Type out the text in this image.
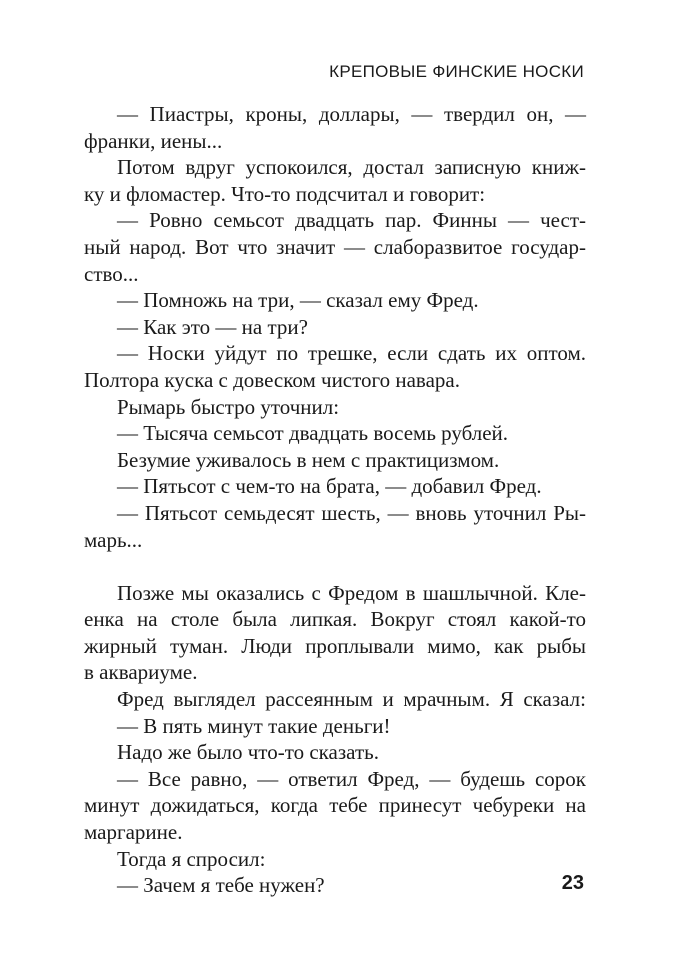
КРЕПОВЫЕ ФИНСКИЕ НОСКИ
— Пиастры, кроны, доллары, — твердил он, —
франки, иены...
Потом вдруг успокоился, достал записную книж-
ку и фломастер. Что-то подсчитал и говорит:
— Ровно семьсот двадцать пар. Финны — чест-
ный народ. Вот что значит — слаборазвитое государ-
ство...
— Помножь на три, — сказал ему Фред.
— Как это — на три?
— Носки уйдут по трешке, если сдать их оптом.
Полтора куска с довеском чистого навара.
Рымарь быстро уточнил:
— Тысяча семьсот двадцать восемь рублей.
Безумие уживалось в нем с практицизмом.
— Пятьсот с чем-то на брата, — добавил Фред.
— Пятьсот семьдесят шесть, — вновь уточнил Ры-
марь...
Позже мы оказались с Фредом в шашлычной. Кле-
енка на столе была липкая. Вокруг стоял какой-то
жирный туман. Люди проплывали мимо, как рыбы
в аквариуме.
Фред выглядел рассеянным и мрачным. Я сказал:
— В пять минут такие деньги!
Надо же было что-то сказать.
— Все равно, — ответил Фред, — будешь сорок
минут дожидаться, когда тебе принесут чебуреки на
маргарине.
Тогда я спросил:
— Зачем я тебе нужен?	23
